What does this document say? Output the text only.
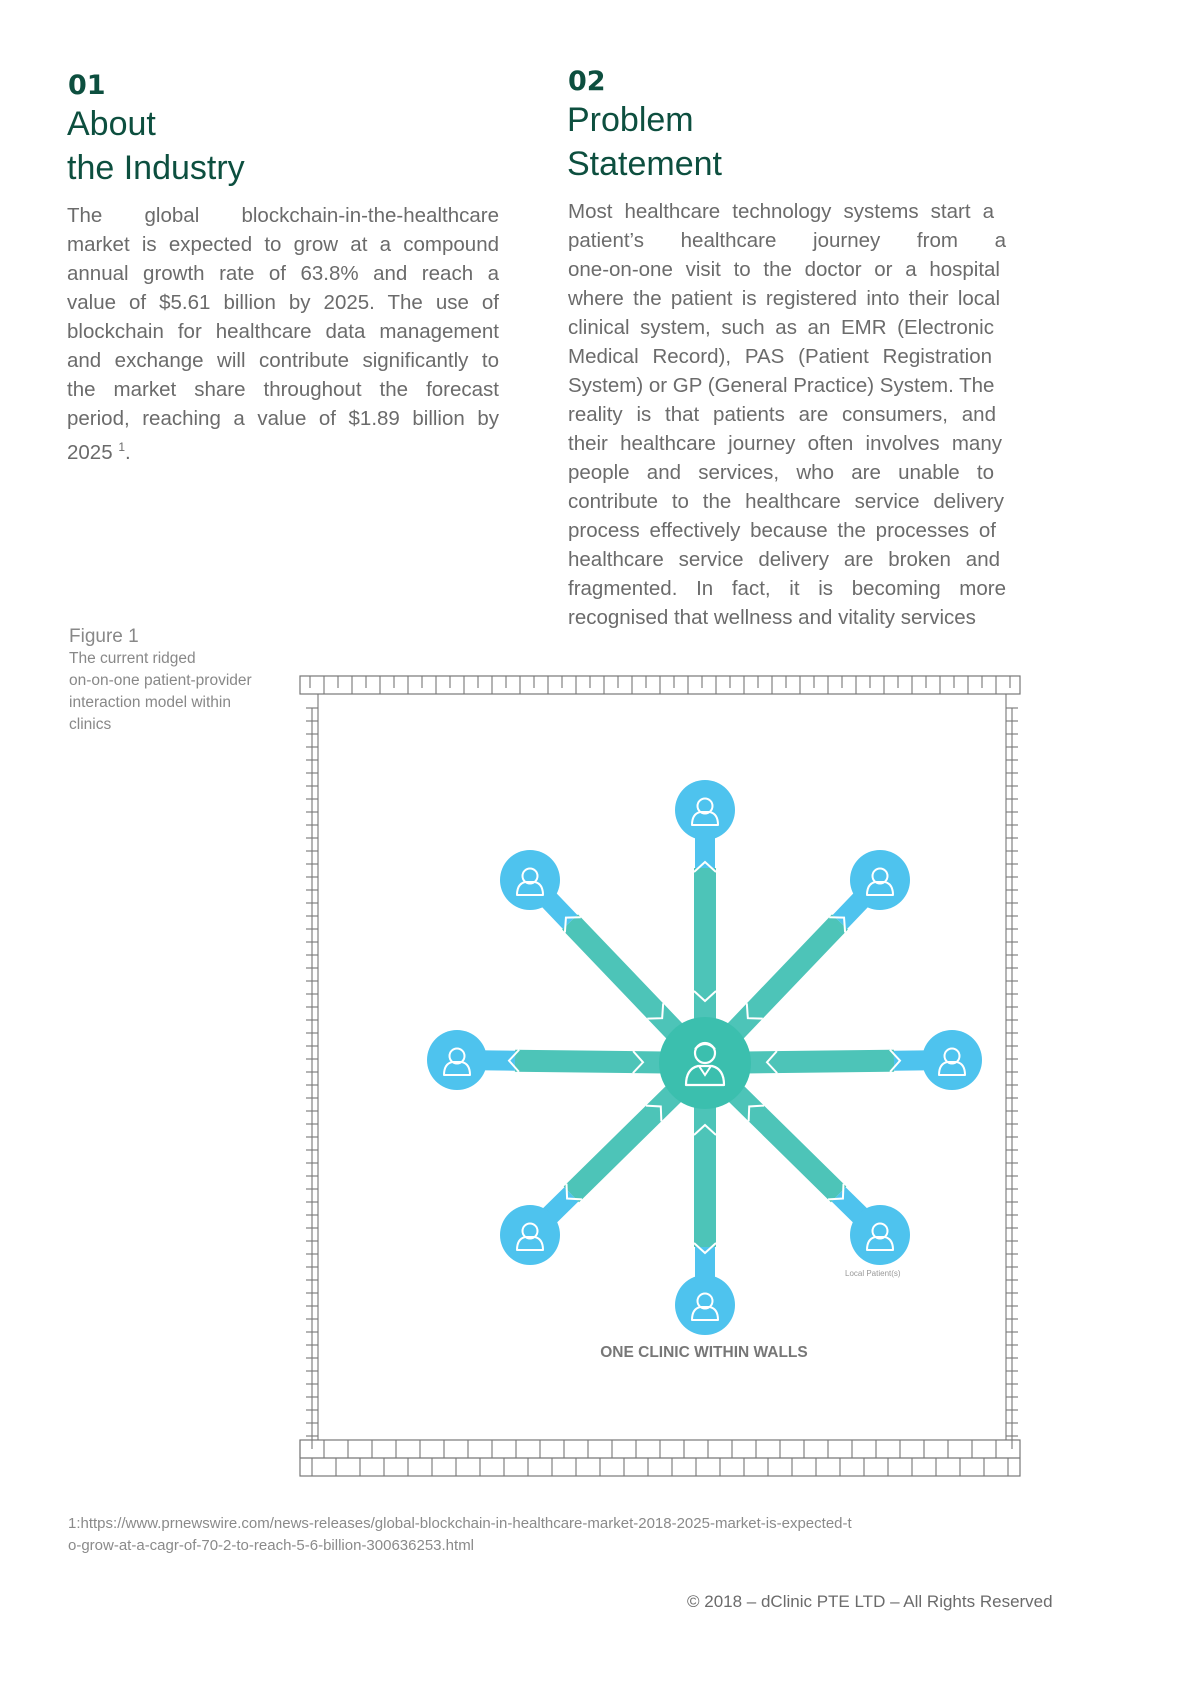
01
About
the Industry
The global blockchain-in-the-healthcare
market is expected to grow at a compound
annual growth rate of 63.8% and reach a
value of $5.61 billion by 2025. The use of
blockchain for healthcare data management
and exchange will contribute significantly to
the market share throughout the forecast
period, reaching a value of $1.89 billion by
2025 $^1$.
02
Problem
Statement
Most healthcare technology systems start a
patient’s healthcare journey from a
one-on-one visit to the doctor or a hospital
where the patient is registered into their local
clinical system, such as an EMR (Electronic
Medical Record), PAS (Patient Registration
System) or GP (General Practice) System. The
reality is that patients are consumers, and
their healthcare journey often involves many
people and services, who are unable to
contribute to the healthcare service delivery
process effectively because the processes of
healthcare service delivery are broken and
fragmented. In fact, it is becoming more
recognised that wellness and vitality services
Figure 1
The current ridged
on-on-one patient-provider
interaction model within
clinics
ONE CLINIC WITHIN WALLS
Local Patient(s)
1:https://www.prnewswire.com/news-releases/global-blockchain-in-healthcare-market-2018-2025-market-is-expected-t
o-grow-at-a-cagr-of-70-2-to-reach-5-6-billion-300636253.html
© 2018 – dClinic PTE LTD – All Rights Reserved
